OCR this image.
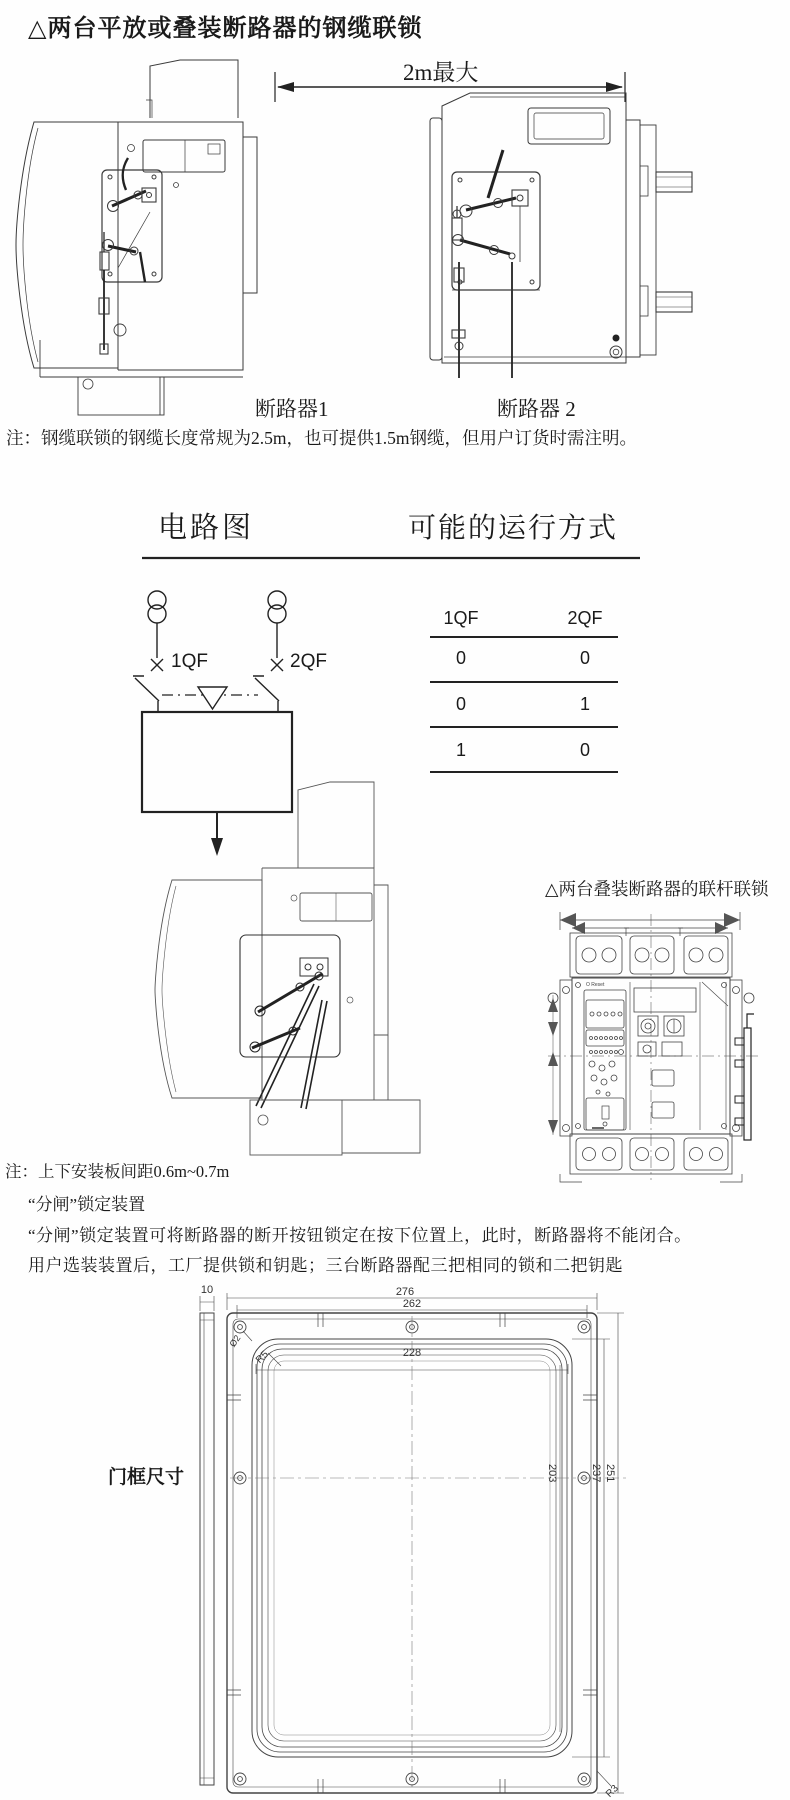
△两台平放或叠装断路器的钢缆联锁
2m最大
断路器1	断路器 2
注：钢缆联锁的钢缆长度常规为2.5m，也可提供1.5m钢缆，但用户订货时需注明。
电路图	可能的运行方式
1QF	2QF
1QF	2QF
0	0
0	1
1	0
△两台叠装断路器的联杆联锁
O Reset
注：上下安装板间距0.6m~0.7m
“分闸”锁定装置
“分闸”锁定装置可将断路器的断开按钮锁定在按下位置上，此时，断路器将不能闭合。
用户选装装置后，工厂提供锁和钥匙；三台断路器配三把相同的锁和二把钥匙
门框尺寸
276
262
10
228
Ø2
R5
203	237 251
R3
